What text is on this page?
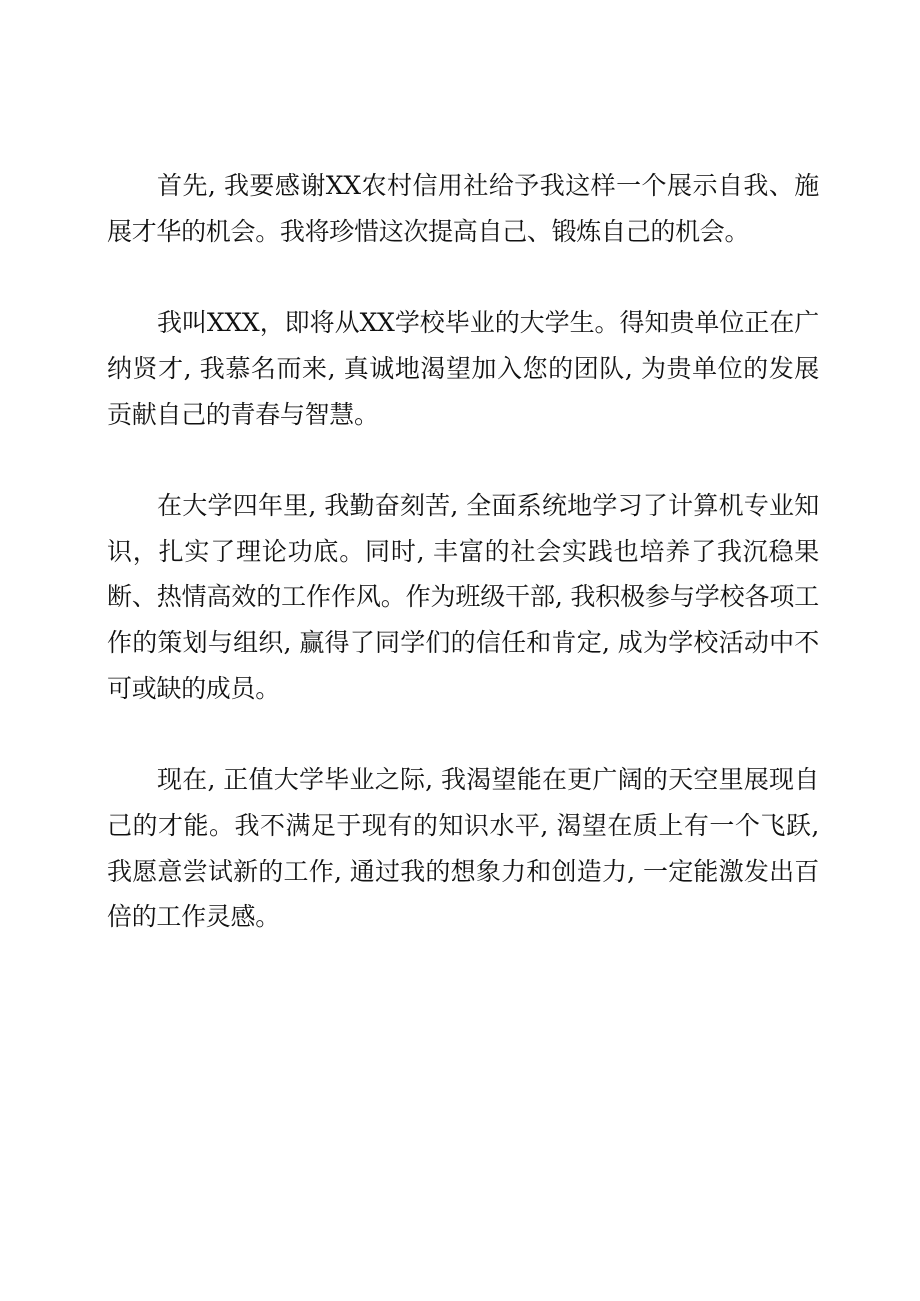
首先, 我要感谢XX农村信用社给予我这样一个展示自我、施展才华的机会。我将珍惜这次提高自己、锻炼自己的机会。

我叫XXX，即将从XX学校毕业的大学生。得知贵单位正在广纳贤才, 我慕名而来, 真诚地渴望加入您的团队, 为贵单位的发展贡献自己的青春与智慧。

在大学四年里, 我勤奋刻苦, 全面系统地学习了计算机专业知识，扎实了理论功底。同时, 丰富的社会实践也培养了我沉稳果断、热情高效的工作作风。作为班级干部, 我积极参与学校各项工作的策划与组织, 赢得了同学们的信任和肯定, 成为学校活动中不可或缺的成员。

现在, 正值大学毕业之际, 我渴望能在更广阔的天空里展现自己的才能。我不满足于现有的知识水平, 渴望在质上有一个飞跃, 我愿意尝试新的工作, 通过我的想象力和创造力, 一定能激发出百倍的工作灵感。
